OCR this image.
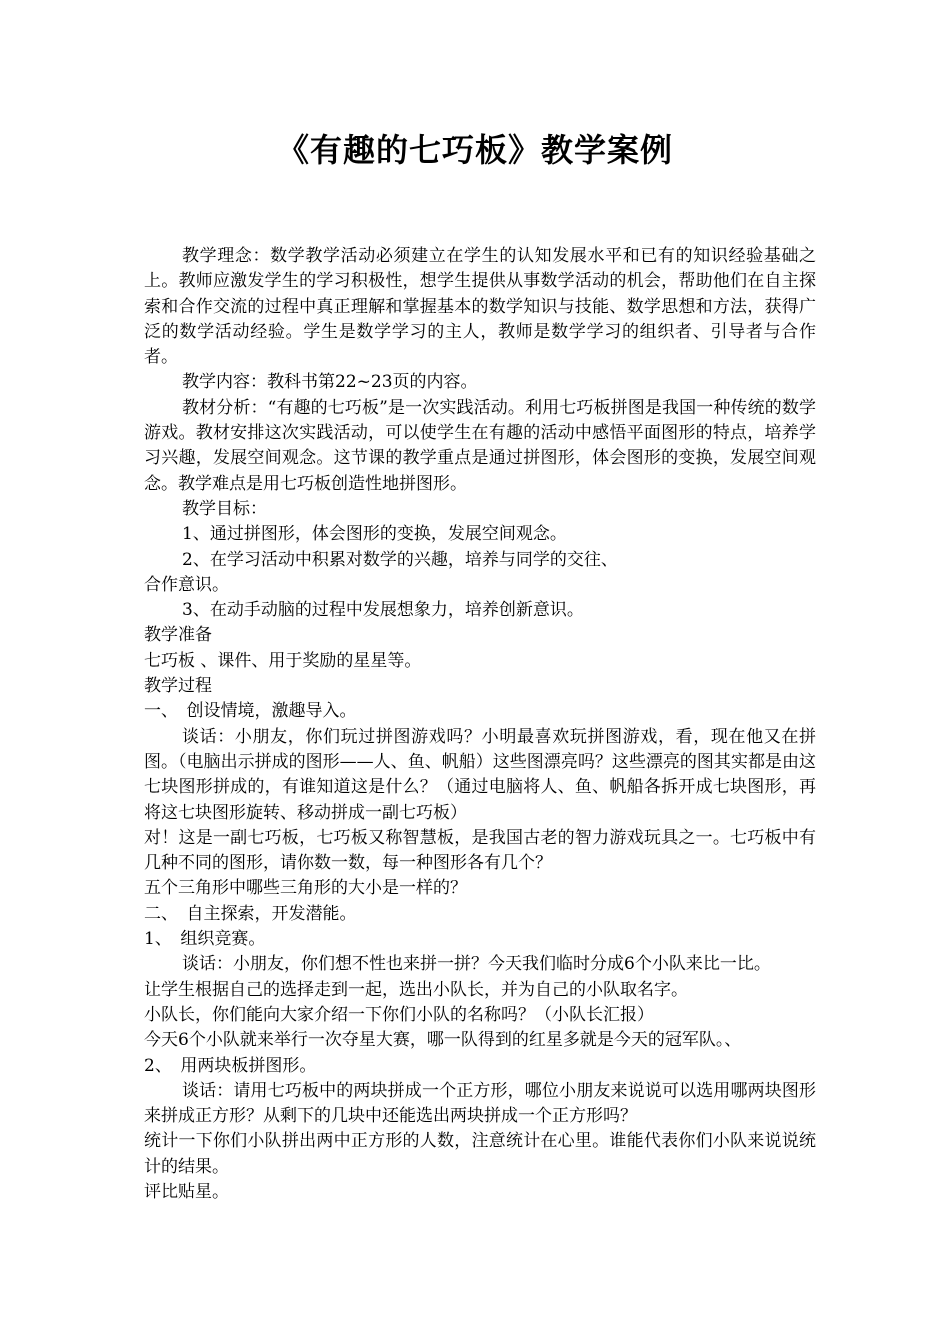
《有趣的七巧板》教学案例

教学理念：数学教学活动必须建立在学生的认知发展水平和已有的知识经验基础之上。教师应激发学生的学习积极性，想学生提供从事数学活动的机会，帮助他们在自主探索和合作交流的过程中真正理解和掌握基本的数学知识与技能、数学思想和方法，获得广泛的数学活动经验。学生是数学学习的主人，教师是数学学习的组织者、引导者与合作者。

教学内容：教科书第22~23页的内容。

教材分析：“有趣的七巧板”是一次实践活动。利用七巧板拼图是我国一种传统的数学游戏。教材安排这次实践活动，可以使学生在有趣的活动中感悟平面图形的特点，培养学习兴趣，发展空间观念。这节课的教学重点是通过拼图形，体会图形的变换，发展空间观念。教学难点是用七巧板创造性地拼图形。

教学目标：

1、通过拼图形，体会图形的变换，发展空间观念。

2、在学习活动中积累对数学的兴趣，培养与同学的交往、

合作意识。

3、在动手动脑的过程中发展想象力，培养创新意识。

教学准备

七巧板 、课件、用于奖励的星星等。

教学过程

一、　创设情境，激趣导入。

谈话：小朋友，你们玩过拼图游戏吗？小明最喜欢玩拼图游戏，看，现在他又在拼图。（电脑出示拼成的图形——人、鱼、帆船）这些图漂亮吗？这些漂亮的图其实都是由这七块图形拼成的，有谁知道这是什么？（通过电脑将人、鱼、帆船各拆开成七块图形，再将这七块图形旋转、移动拼成一副七巧板）

对！这是一副七巧板，七巧板又称智慧板，是我国古老的智力游戏玩具之一。七巧板中有几种不同的图形，请你数一数，每一种图形各有几个？

五个三角形中哪些三角形的大小是一样的？

二、　自主探索，开发潜能。

1、　组织竞赛。

谈话：小朋友，你们想不性也来拼一拼？今天我们临时分成6个小队来比一比。

让学生根据自己的选择走到一起，选出小队长，并为自己的小队取名字。

小队长，你们能向大家介绍一下你们小队的名称吗？（小队长汇报）

今天6个小队就来举行一次夺星大赛，哪一队得到的红星多就是今天的冠军队。、

2、　用两块板拼图形。

谈话：请用七巧板中的两块拼成一个正方形，哪位小朋友来说说可以选用哪两块图形来拼成正方形？从剩下的几块中还能选出两块拼成一个正方形吗？

统计一下你们小队拼出两中正方形的人数，注意统计在心里。谁能代表你们小队来说说统计的结果。

评比贴星。
